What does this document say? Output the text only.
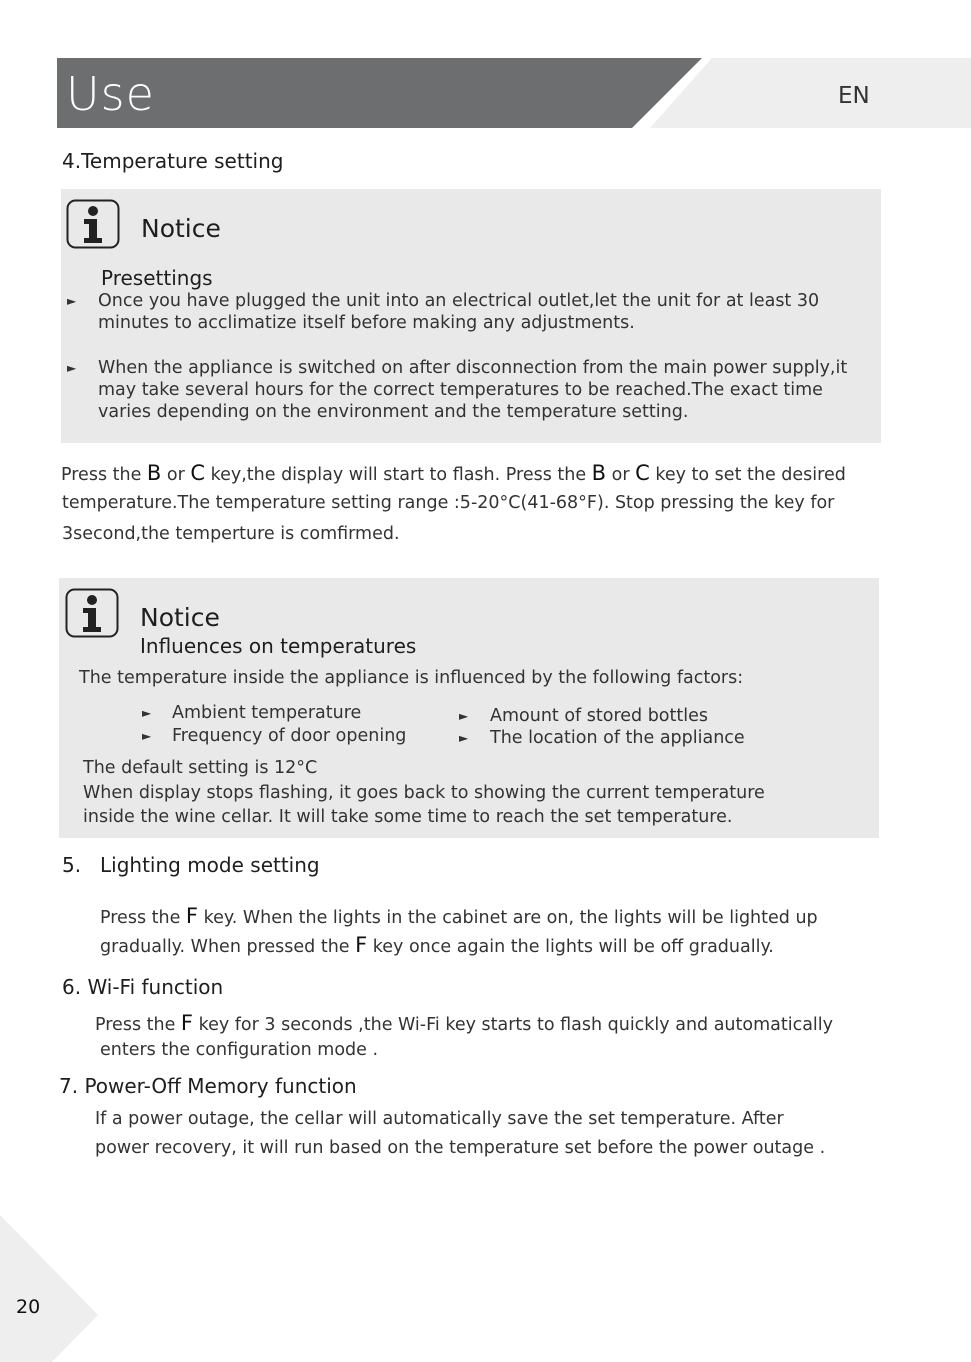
Use	EN
4.Temperature setting
Notice
Presettings
► Once you have plugged the unit into an electrical outlet,let the unit for at least 30
minutes to acclimatize itself before making any adjustments.
► When the appliance is switched on after disconnection from the main power supply,it
may take several hours for the correct temperatures to be reached.The exact time
varies depending on the environment and the temperature setting.
Press the B or C key,the display will start to flash. Press the B or C key to set the desired
temperature.The temperature setting range :5-20°C(41-68°F). Stop pressing the key for
3second,the temperture is comfirmed.
Notice
Influences on temperatures
The temperature inside the appliance is influenced by the following factors:
► Ambient temperature
► Frequency of door opening
► Amount of stored bottles
► The location of the appliance
The default setting is 12°C
When display stops flashing, it goes back to showing the current temperature
inside the wine cellar. It will take some time to reach the set temperature.
5. Lighting mode setting
Press the F key. When the lights in the cabinet are on, the lights will be lighted up
gradually. When pressed the F key once again the lights will be off gradually.
6. Wi-Fi function
Press the F key for 3 seconds ,the Wi-Fi key starts to flash quickly and automatically
enters the configuration mode .
7. Power-Off Memory function
If a power outage, the cellar will automatically save the set temperature. After
power recovery, it will run based on the temperature set before the power outage .
20
